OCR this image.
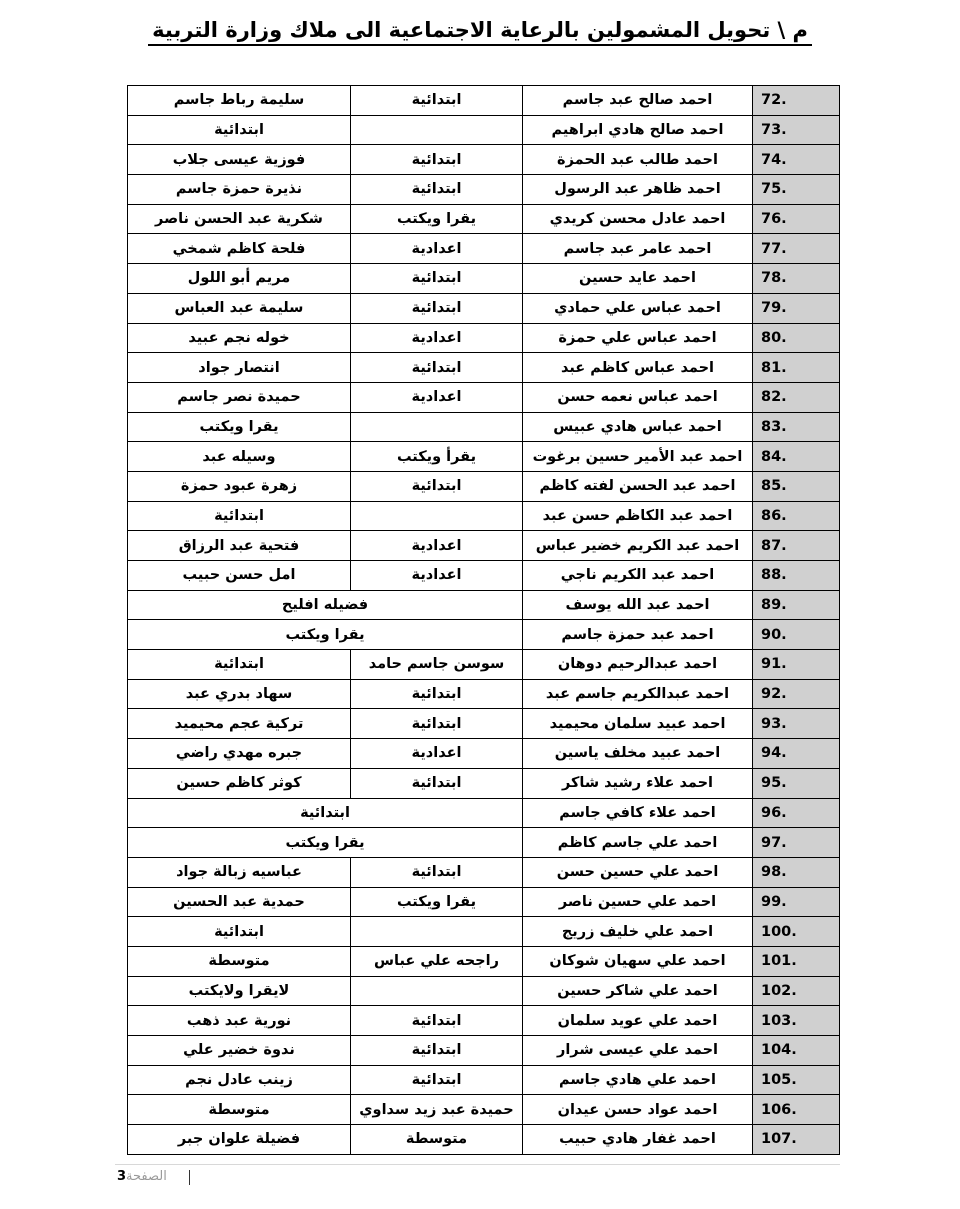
م \ تحويل المشمولين بالرعاية الاجتماعية الى ملاك وزارة التربية
72.	احمد صالح عبد جاسم	ابتدائية	سليمة رباط جاسم
73.	احمد صالح هادي ابراهيم		ابتدائية
74.	احمد طالب عبد الحمزة	ابتدائية	فوزية عيسى جلاب
75.	احمد ظاهر عبد الرسول	ابتدائية	نذيرة حمزة جاسم
76.	احمد عادل محسن كريدي	يقرا ويكتب	شكرية عبد الحسن ناصر
77.	احمد عامر عبد جاسم	اعدادية	فلحة كاظم شمخي
78.	احمد عايد حسين	ابتدائية	مريم أبو اللول
79.	احمد عباس علي حمادي	ابتدائية	سليمة عبد العباس
80.	احمد عباس علي حمزة	اعدادية	خوله نجم عبيد
81.	احمد عباس كاظم عبد	ابتدائية	انتصار جواد
82.	احمد عباس نعمه حسن	اعدادية	حميدة نصر جاسم
83.	احمد عباس هادي عبيس		يقرا ويكتب
84.	احمد عبد الأمير حسين برغوت	يقرأ ويكتب	وسيله عبد
85.	احمد عبد الحسن لفته كاظم	ابتدائية	زهرة عبود حمزة
86.	احمد عبد الكاظم حسن عبد		ابتدائية
87.	احمد عبد الكريم خضير عباس	اعدادية	فتحية عبد الرزاق
88.	احمد عبد الكريم ناجي	اعدادية	امل حسن حبيب
89.	احمد عبد الله يوسف	فضيله افليح	
90.	احمد عبد حمزة جاسم	يقرا ويكتب	
91.	احمد عبدالرحيم دوهان	سوسن جاسم حامد	ابتدائية
92.	احمد عبدالكريم جاسم عبد	ابتدائية	سهاد بدري عبد
93.	احمد عبيد سلمان محيميد	ابتدائية	تركية عجم محيميد
94.	احمد عبيد مخلف ياسين	اعدادية	جبره مهدي راضي
95.	احمد علاء رشيد شاكر	ابتدائية	كوثر كاظم حسين
96.	احمد علاء كافي جاسم	ابتدائية	
97.	احمد علي جاسم كاظم	يقرا ويكتب	
98.	احمد علي حسين حسن	ابتدائية	عباسيه زبالة جواد
99.	احمد علي حسين ناصر	يقرا ويكتب	حمدية عبد الحسين
100.	احمد علي خليف زريج		ابتدائية
101.	احمد علي سهيان شوكان	راجحه علي عباس	متوسطة
102.	احمد علي شاكر حسين		لايقرا ولايكتب
103.	احمد علي عويد سلمان	ابتدائية	نورية عبد ذهب
104.	احمد علي عيسى شرار	ابتدائية	ندوة خضير علي
105.	احمد علي هادي جاسم	ابتدائية	زينب عادل نجم
106.	احمد عواد حسن عيدان	حميدة عبد زيد سداوي	متوسطة
107.	احمد غفار هادي حبيب	متوسطة	فضيلة علوان جبر
3 الصفحة
